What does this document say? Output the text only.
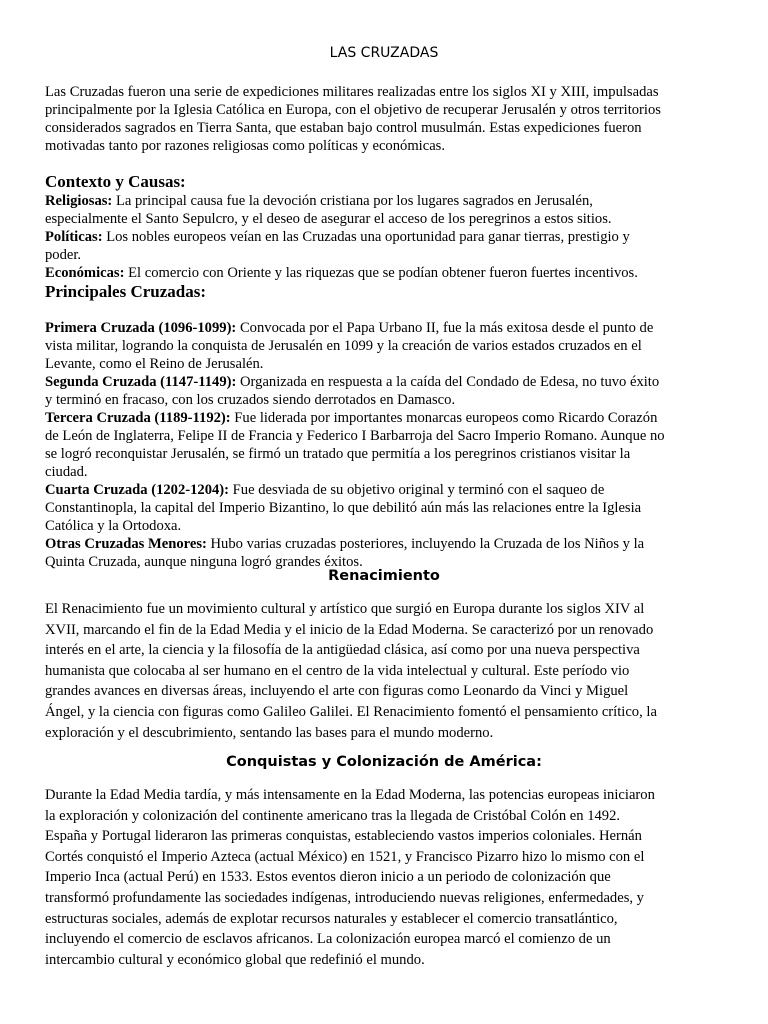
LAS CRUZADAS

Las Cruzadas fueron una serie de expediciones militares realizadas entre los siglos XI y XIII, impulsadas principalmente por la Iglesia Católica en Europa, con el objetivo de recuperar Jerusalén y otros territorios considerados sagrados en Tierra Santa, que estaban bajo control musulmán. Estas expediciones fueron motivadas tanto por razones religiosas como políticas y económicas.

Contexto y Causas:
Religiosas: La principal causa fue la devoción cristiana por los lugares sagrados en Jerusalén, especialmente el Santo Sepulcro, y el deseo de asegurar el acceso de los peregrinos a estos sitios.
Políticas: Los nobles europeos veían en las Cruzadas una oportunidad para ganar tierras, prestigio y poder.
Económicas: El comercio con Oriente y las riquezas que se podían obtener fueron fuertes incentivos.
Principales Cruzadas:
Primera Cruzada (1096-1099): Convocada por el Papa Urbano II, fue la más exitosa desde el punto de vista militar, logrando la conquista de Jerusalén en 1099 y la creación de varios estados cruzados en el Levante, como el Reino de Jerusalén.
Segunda Cruzada (1147-1149): Organizada en respuesta a la caída del Condado de Edesa, no tuvo éxito y terminó en fracaso, con los cruzados siendo derrotados en Damasco.
Tercera Cruzada (1189-1192): Fue liderada por importantes monarcas europeos como Ricardo Corazón de León de Inglaterra, Felipe II de Francia y Federico I Barbarroja del Sacro Imperio Romano. Aunque no se logró reconquistar Jerusalén, se firmó un tratado que permitía a los peregrinos cristianos visitar la ciudad.
Cuarta Cruzada (1202-1204): Fue desviada de su objetivo original y terminó con el saqueo de Constantinopla, la capital del Imperio Bizantino, lo que debilitó aún más las relaciones entre la Iglesia Católica y la Ortodoxa.
Otras Cruzadas Menores: Hubo varias cruzadas posteriores, incluyendo la Cruzada de los Niños y la Quinta Cruzada, aunque ninguna logró grandes éxitos.
Renacimiento

El Renacimiento fue un movimiento cultural y artístico que surgió en Europa durante los siglos XIV al XVII, marcando el fin de la Edad Media y el inicio de la Edad Moderna. Se caracterizó por un renovado interés en el arte, la ciencia y la filosofía de la antigüedad clásica, así como por una nueva perspectiva humanista que colocaba al ser humano en el centro de la vida intelectual y cultural. Este período vio grandes avances en diversas áreas, incluyendo el arte con figuras como Leonardo da Vinci y Miguel Ángel, y la ciencia con figuras como Galileo Galilei. El Renacimiento fomentó el pensamiento crítico, la exploración y el descubrimiento, sentando las bases para el mundo moderno.

Conquistas y Colonización de América:

Durante la Edad Media tardía, y más intensamente en la Edad Moderna, las potencias europeas iniciaron la exploración y colonización del continente americano tras la llegada de Cristóbal Colón en 1492. España y Portugal lideraron las primeras conquistas, estableciendo vastos imperios coloniales. Hernán Cortés conquistó el Imperio Azteca (actual México) en 1521, y Francisco Pizarro hizo lo mismo con el Imperio Inca (actual Perú) en 1533. Estos eventos dieron inicio a un periodo de colonización que transformó profundamente las sociedades indígenas, introduciendo nuevas religiones, enfermedades, y estructuras sociales, además de explotar recursos naturales y establecer el comercio transatlántico, incluyendo el comercio de esclavos africanos. La colonización europea marcó el comienzo de un intercambio cultural y económico global que redefinió el mundo.
